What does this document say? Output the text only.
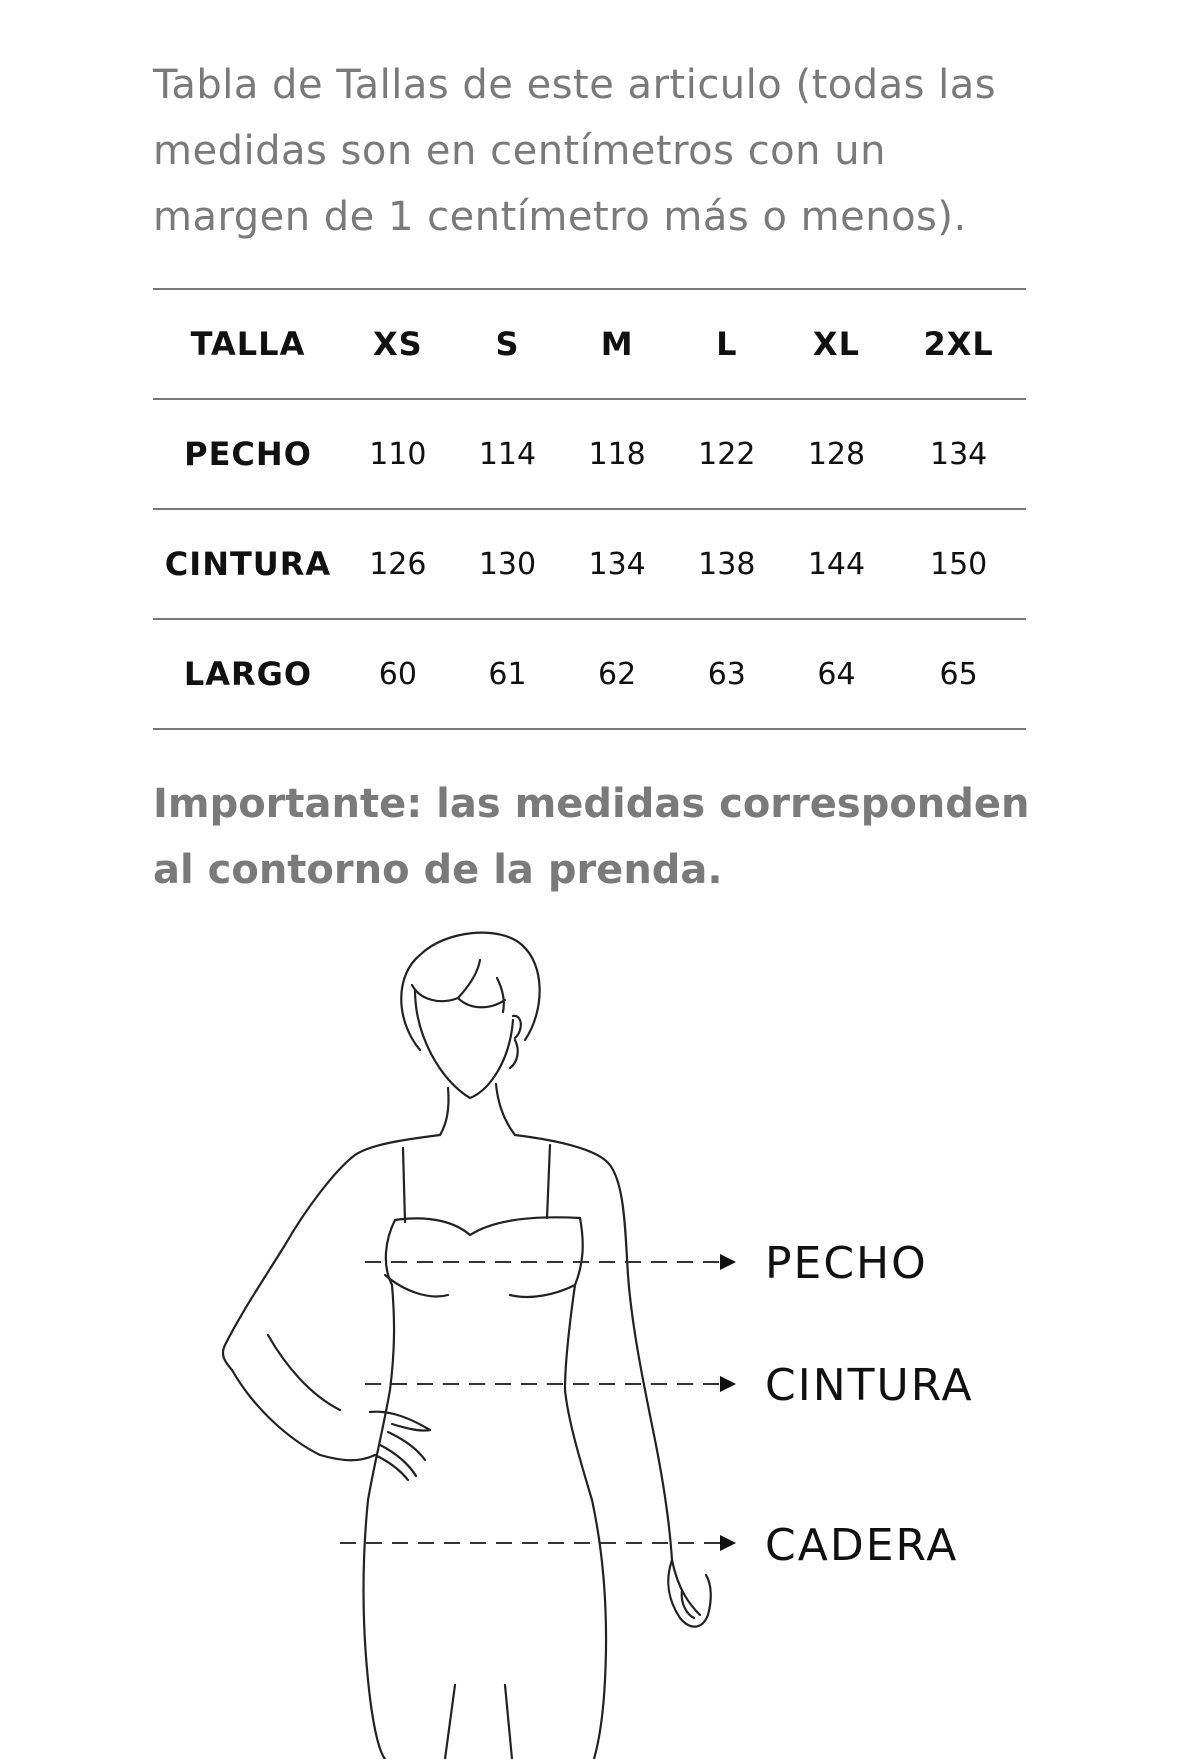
Tabla de Tallas de este articulo (todas las medidas son en centímetros con un margen de 1 centímetro más o menos).

TALLA	XS	S	M	L	XL	2XL
PECHO	110	114	118	122	128	134
CINTURA	126	130	134	138	144	150
LARGO	60	61	62	63	64	65

Importante: las medidas corresponden al contorno de la prenda.

PECHO
CINTURA
CADERA
